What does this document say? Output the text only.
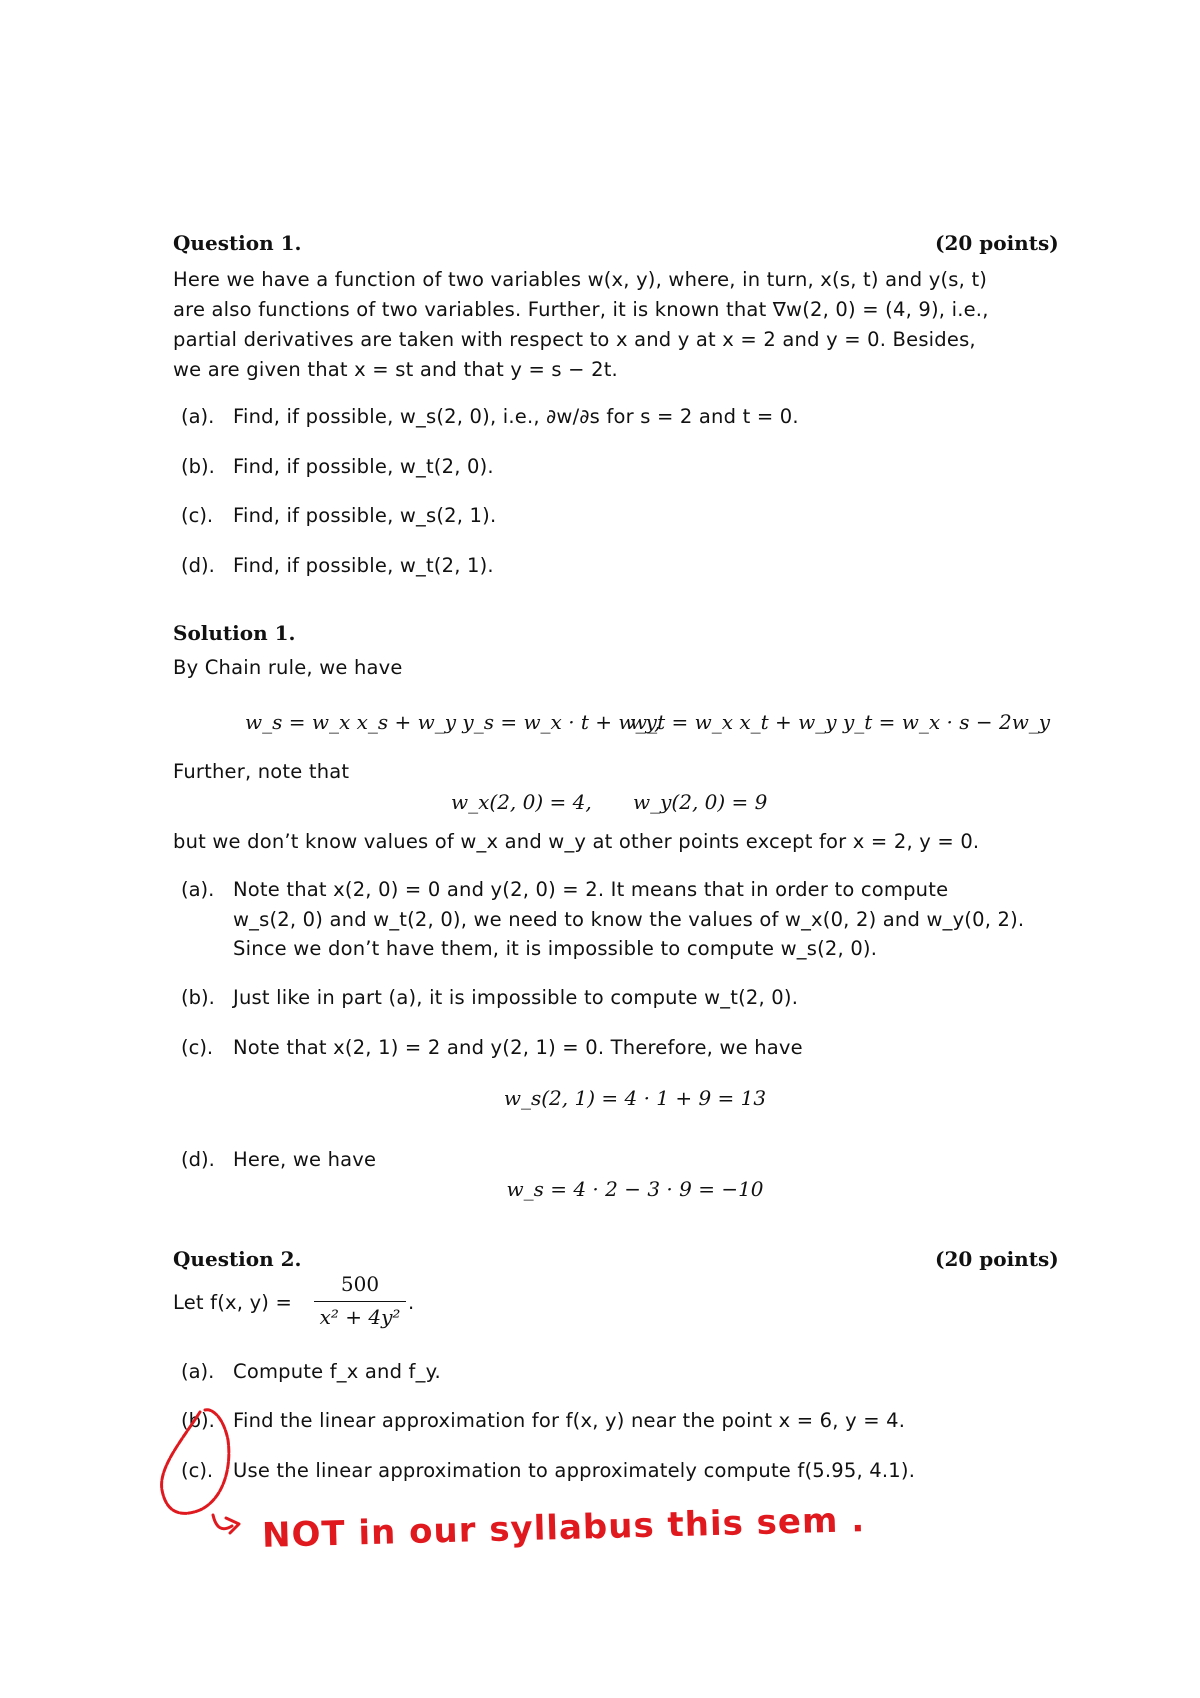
Question 1.	(20 points)
Here we have a function of two variables w(x, y), where, in turn, x(s, t) and y(s, t)
are also functions of two variables. Further, it is known that ∇w(2, 0) = (4, 9), i.e.,
partial derivatives are taken with respect to x and y at x = 2 and y = 0. Besides,
we are given that x = st and that y = s − 2t.
(a). Find, if possible, w_s(2, 0), i.e., ∂w/∂s for s = 2 and t = 0.
(b). Find, if possible, w_t(2, 0).
(c). Find, if possible, w_s(2, 1).
(d). Find, if possible, w_t(2, 1).
Solution 1.
By Chain rule, we have
w_s = w_x x_s + w_y y_s = w_x · t + w_y,
w_t = w_x x_t + w_y y_t = w_x · s − 2w_y
Further, note that
w_x(2, 0) = 4, w_y(2, 0) = 9
but we don’t know values of w_x and w_y at other points except for x = 2, y = 0.
(a). Note that x(2, 0) = 0 and y(2, 0) = 2. It means that in order to compute
w_s(2, 0) and w_t(2, 0), we need to know the values of w_x(0, 2) and w_y(0, 2).
Since we don’t have them, it is impossible to compute w_s(2, 0).
(b). Just like in part (a), it is impossible to compute w_t(2, 0).
(c). Note that x(2, 1) = 2 and y(2, 1) = 0. Therefore, we have
w_s(2, 1) = 4 · 1 + 9 = 13
(d). Here, we have
w_s = 4 · 2 − 3 · 9 = −10
Question 2.	(20 points)
Let f(x, y) =
500
x² + 4y²
.
(a). Compute f_x and f_y.
(b). Find the linear approximation for f(x, y) near the point x = 6, y = 4.
(c). Use the linear approximation to approximately compute f(5.95, 4.1).
NOT in our syllabus this sem .
